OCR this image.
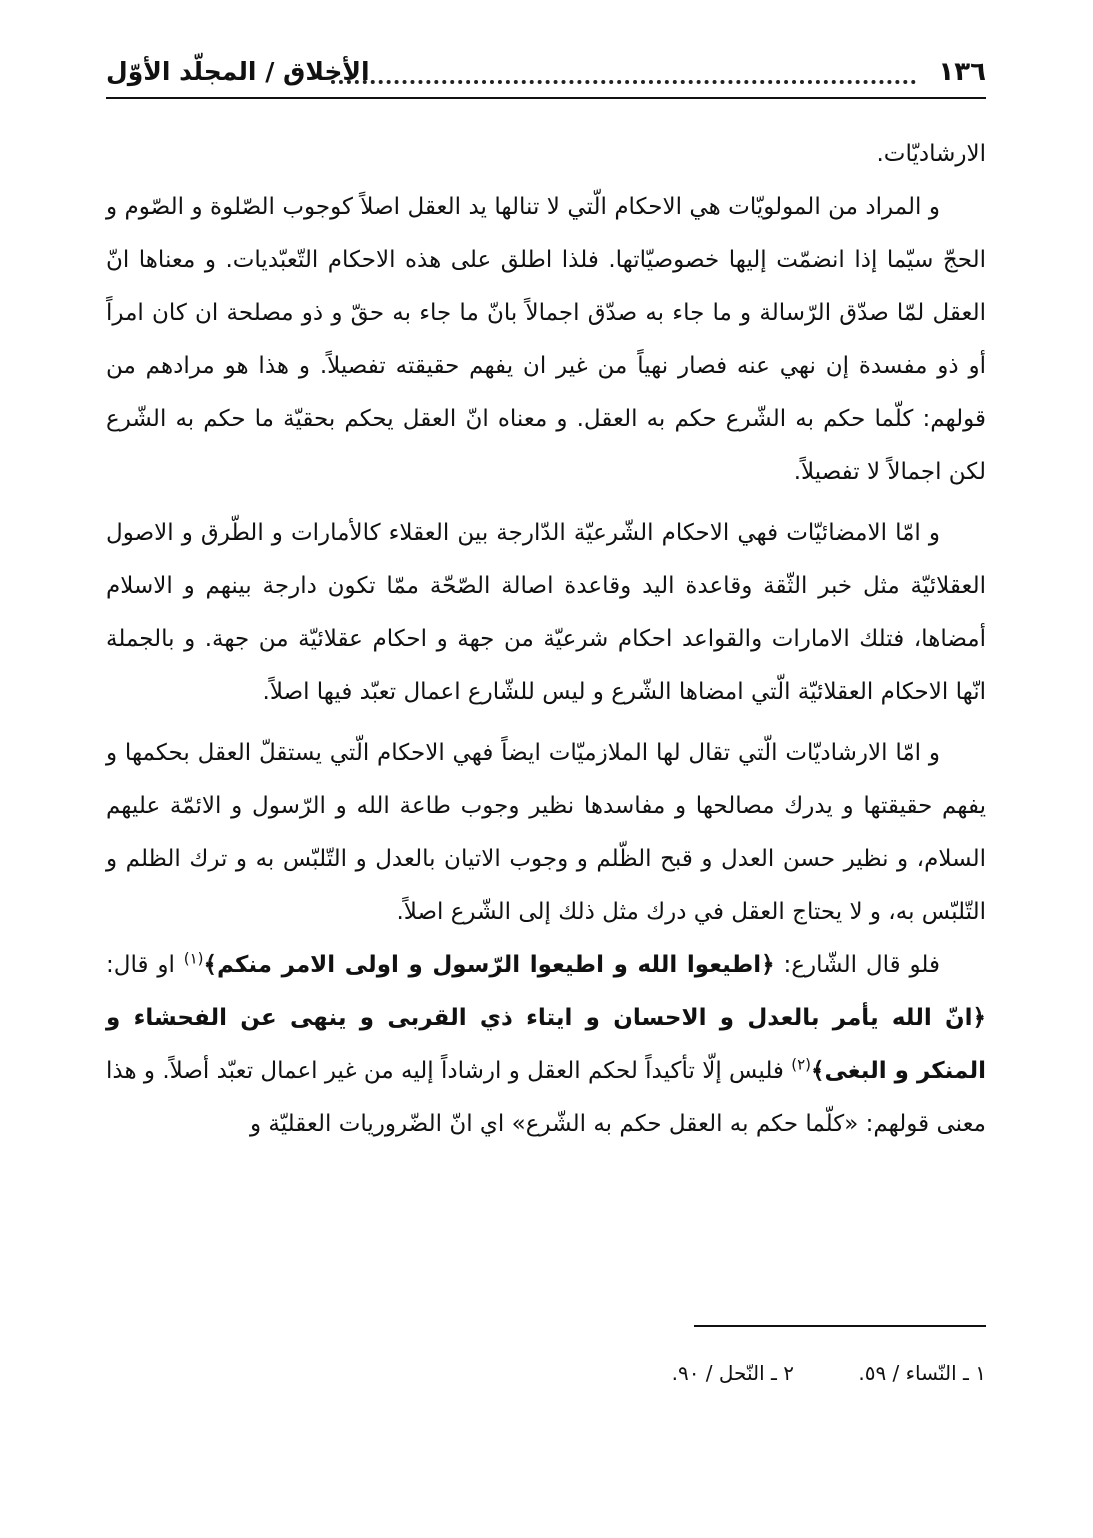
١٣٦
الأخلاق / المجلّد الأوّل

الارشاديّات.

و المراد من المولويّات هي الاحكام الّتي لا تنالها يد العقل اصلاً كوجوب الصّلوة و الصّوم و الحجّ سيّما إذا انضمّت إليها خصوصيّاتها. فلذا اطلق على هذه الاحكام التّعبّديات. و معناها انّ العقل لمّا صدّق الرّسالة و ما جاء به صدّق اجمالاً بانّ ما جاء به حقّ و ذو مصلحة ان كان امراً أو ذو مفسدة إن نهي عنه فصار نهياً من غير ان يفهم حقيقته تفصيلاً. و هذا هو مرادهم من قولهم: كلّما حكم به الشّرع حكم به العقل. و معناه انّ العقل يحكم بحقيّة ما حكم به الشّرع لكن اجمالاً لا تفصيلاً.

و امّا الامضائيّات فهي الاحكام الشّرعيّة الدّارجة بين العقلاء كالأمارات و الطّرق و الاصول العقلائيّة مثل خبر الثّقة وقاعدة اليد وقاعدة اصالة الصّحّة ممّا تكون دارجة بينهم و الاسلام أمضاها، فتلك الامارات والقواعد احكام شرعيّة من جهة و احكام عقلائيّة من جهة. و بالجملة انّها الاحكام العقلائيّة الّتي امضاها الشّرع و ليس للشّارع اعمال تعبّد فيها اصلاً.

و امّا الارشاديّات الّتي تقال لها الملازميّات ايضاً فهي الاحكام الّتي يستقلّ العقل بحكمها و يفهم حقيقتها و يدرك مصالحها و مفاسدها نظير وجوب طاعة الله و الرّسول و الائمّة عليهم السلام، و نظير حسن العدل و قبح الظّلم و وجوب الاتيان بالعدل و التّلبّس به و ترك الظلم و التّلبّس به، و لا يحتاج العقل في درك مثل ذلك إلى الشّرع اصلاً.

فلو قال الشّارع: ﴿اطيعوا الله و اطيعوا الرّسول و اولى الامر منكم﴾$^{(١)}$ او قال: ﴿انّ الله يأمر بالعدل و الاحسان و ايتاء ذي القربى و ينهى عن الفحشاء و المنكر و البغى﴾$^{(٢)}$ فليس إلّا تأكيداً لحكم العقل و ارشاداً إليه من غير اعمال تعبّد أصلاً. و هذا معنى قولهم: «كلّما حكم به العقل حكم به الشّرع» اي انّ الضّروريات العقليّة و

١ ـ النّساء / ٥٩. ٢ ـ النّحل / ٩٠.
